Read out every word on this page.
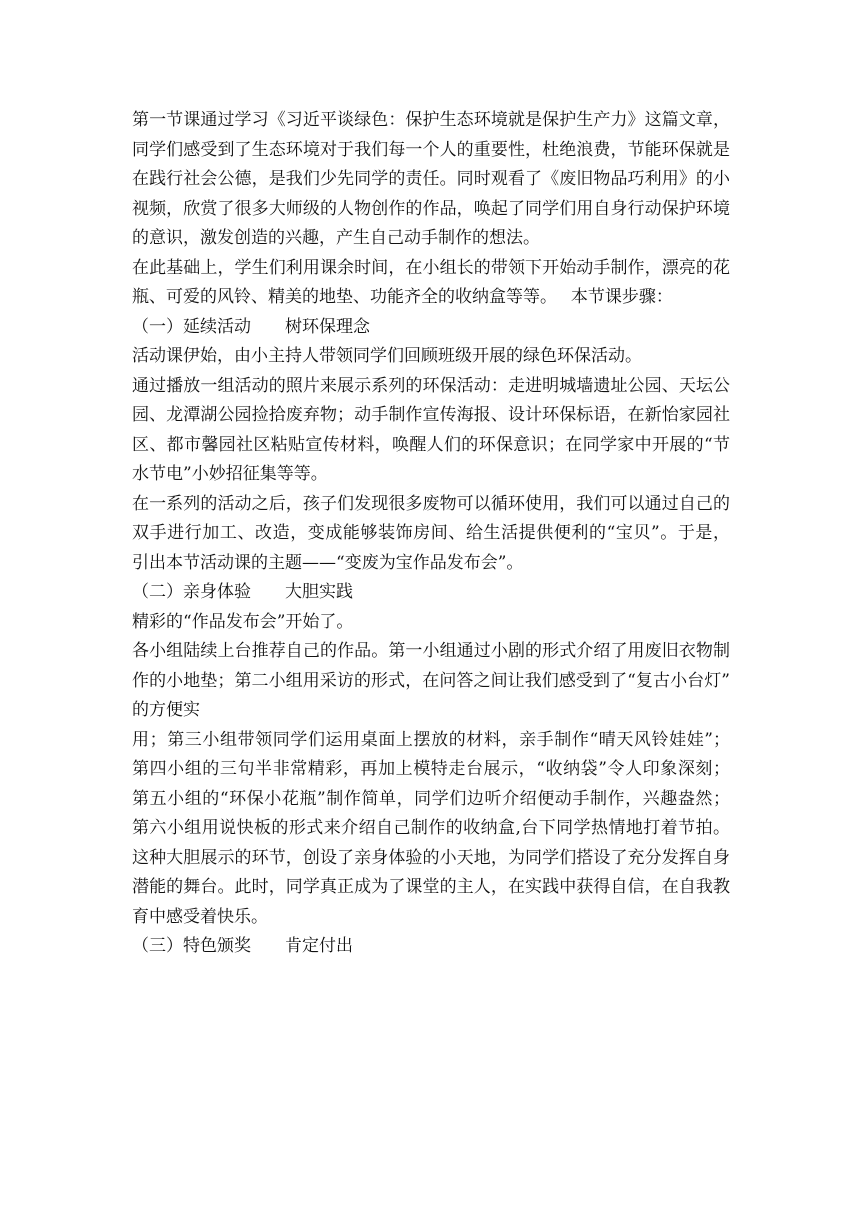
第一节课通过学习《习近平谈绿色：保护生态环境就是保护生产力》这篇文章，
同学们感受到了生态环境对于我们每一个人的重要性，杜绝浪费，节能环保就是
在践行社会公德，是我们少先同学的责任。同时观看了《废旧物品巧利用》的小
视频，欣赏了很多大师级的人物创作的作品，唤起了同学们用自身行动保护环境
的意识，激发创造的兴趣，产生自己动手制作的想法。
在此基础上，学生们利用课余时间，在小组长的带领下开始动手制作，漂亮的花
瓶、可爱的风铃、精美的地垫、功能齐全的收纳盒等等。　 本节课步骤：
（一）延续活动　　树环保理念
活动课伊始，由小主持人带领同学们回顾班级开展的绿色环保活动。
通过播放一组活动的照片来展示系列的环保活动：走进明城墙遗址公园、天坛公
园、龙潭湖公园捡拾废弃物；动手制作宣传海报、设计环保标语，在新怡家园社
区、都市馨园社区粘贴宣传材料，唤醒人们的环保意识；在同学家中开展的“节
水节电”小妙招征集等等。
在一系列的活动之后，孩子们发现很多废物可以循环使用，我们可以通过自己的
双手进行加工、改造，变成能够装饰房间、给生活提供便利的“宝贝”。于是，
引出本节活动课的主题——“变废为宝作品发布会”。
（二）亲身体验　　大胆实践
精彩的“作品发布会”开始了。
各小组陆续上台推荐自己的作品。第一小组通过小剧的形式介绍了用废旧衣物制
作的小地垫；第二小组用采访的形式，在问答之间让我们感受到了“复古小台灯”
的方便实
用；第三小组带领同学们运用桌面上摆放的材料，亲手制作“晴天风铃娃娃”；
第四小组的三句半非常精彩，再加上模特走台展示，“收纳袋”令人印象深刻；
第五小组的“环保小花瓶”制作简单，同学们边听介绍便动手制作，兴趣盎然；
第六小组用说快板的形式来介绍自己制作的收纳盒,台下同学热情地打着节拍。
这种大胆展示的环节，创设了亲身体验的小天地，为同学们搭设了充分发挥自身
潜能的舞台。此时，同学真正成为了课堂的主人，在实践中获得自信，在自我教
育中感受着快乐。
（三）特色颁奖　　肯定付出
